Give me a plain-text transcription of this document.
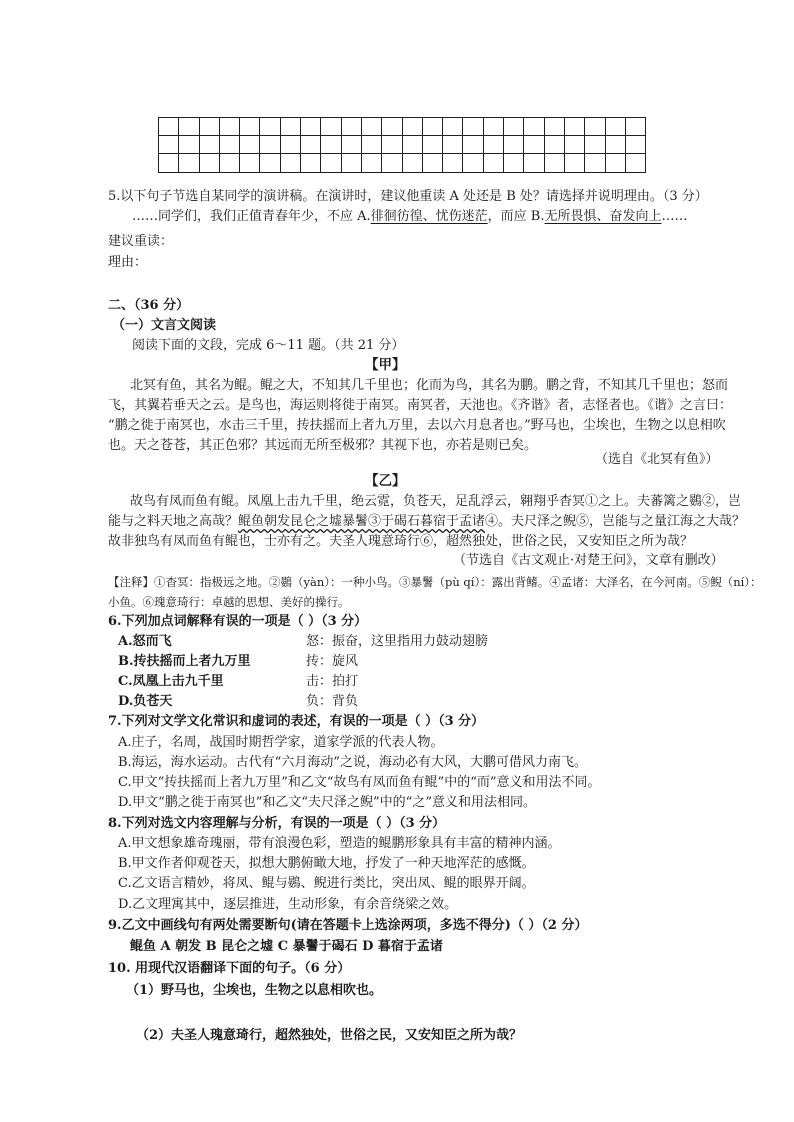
5.以下句子节选自某同学的演讲稿。在演讲时，建议他重读 A 处还是 B 处？请选择并说明理由。（3 分）
……同学们，我们正值青春年少，不应 A.徘徊彷徨、忧伤迷茫，而应 B.无所畏惧、奋发向上……
建议重读：
理由：
二、（36 分）
（一）文言文阅读
阅读下面的文段，完成 6～11 题。（共 21 分）
【甲】
北冥有鱼，其名为鲲。鲲之大，不知其几千里也；化而为鸟，其名为鹏。鹏之背，不知其几千里也；怒而
飞，其翼若垂天之云。是鸟也，海运则将徙于南冥。南冥者，天池也。《齐谐》者，志怪者也。《谐》之言曰：
“鹏之徙于南冥也，水击三千里，抟扶摇而上者九万里，去以六月息者也。”野马也，尘埃也，生物之以息相吹
也。天之苍苍，其正色邪？其远而无所至极邪？其视下也，亦若是则已矣。
（选自《北冥有鱼》）
【乙】
故鸟有凤而鱼有鲲。凤凰上击九千里，绝云霓，负苍天，足乱浮云，翱翔乎杳冥①之上。夫蕃篱之鷃②，岂
能与之料天地之高哉？鲲鱼朝发昆仑之墟暴鬐③于碣石暮宿于孟诸④。夫尺泽之鲵⑤，岂能与之量江海之大哉？
故非独鸟有凤而鱼有鲲也，士亦有之。夫圣人瑰意琦行⑥，超然独处，世俗之民，又安知臣之所为哉？
（节选自《古文观止·对楚王问》，文章有删改）
【注释】①杳冥：指极远之地。②鷃（yàn）：一种小鸟。③暴鬐（pù qí）：露出背鳍。④孟诸：大泽名，在今河南。⑤鲵（ní）：
小鱼。⑥瑰意琦行：卓越的思想、美好的操行。
6.下列加点词解释有误的一项是（ ）（3 分）
A.怒而飞	怒：振奋，这里指用力鼓动翅膀
B.抟扶摇而上者九万里	抟：旋风
C.凤凰上击九千里	击：拍打
D.负苍天	负：背负
7.下列对文学文化常识和虚词的表述，有误的一项是（ ）（3 分）
A.庄子，名周，战国时期哲学家，道家学派的代表人物。
B.海运，海水运动。古代有“六月海动”之说，海动必有大风，大鹏可借风力南飞。
C.甲文“抟扶摇而上者九万里”和乙文“故鸟有凤而鱼有鲲”中的“而”意义和用法不同。
D.甲文“鹏之徙于南冥也”和乙文“夫尺泽之鲵”中的“之”意义和用法相同。
8.下列对选文内容理解与分析，有误的一项是（ ）（3 分）
A.甲文想象雄奇瑰丽，带有浪漫色彩，塑造的鲲鹏形象具有丰富的精神内涵。
B.甲文作者仰观苍天，拟想大鹏俯瞰大地，抒发了一种天地浑茫的感慨。
C.乙文语言精妙，将凤、鲲与鷃、鲵进行类比，突出凤、鲲的眼界开阔。
D.乙文理寓其中，逐层推进，生动形象，有余音绕梁之效。
9.乙文中画线句有两处需要断句(请在答题卡上选涂两项，多选不得分)（ ）（2 分）
鲲鱼 A 朝发 B 昆仑之墟 C 暴鬐于碣石 D 暮宿于孟诸
10. 用现代汉语翻译下面的句子。（6 分）
（1）野马也，尘埃也，生物之以息相吹也。
（2）夫圣人瑰意琦行，超然独处，世俗之民，又安知臣之所为哉？
